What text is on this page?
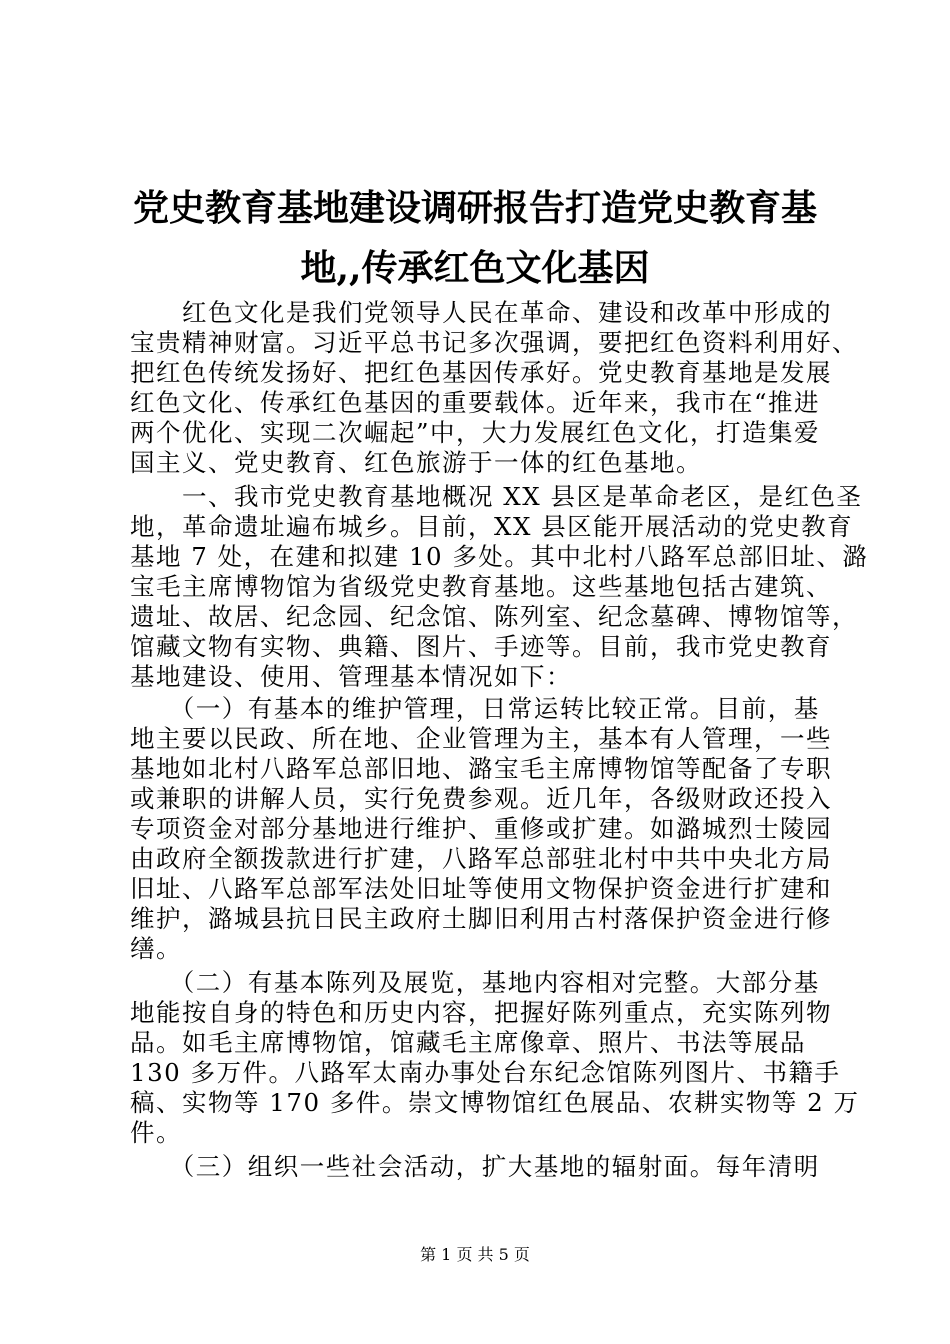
党史教育基地建设调研报告打造党史教育基
地,,传承红色文化基因
　　红色文化是我们党领导人民在革命、建设和改革中形成的
宝贵精神财富。习近平总书记多次强调，要把红色资料利用好、
把红色传统发扬好、把红色基因传承好。党史教育基地是发展
红色文化、传承红色基因的重要载体。近年来，我市在“推进
两个优化、实现二次崛起”中，大力发展红色文化，打造集爱
国主义、党史教育、红色旅游于一体的红色基地。
　　一、我市党史教育基地概况 XX 县区是革命老区，是红色圣
地，革命遗址遍布城乡。目前，XX 县区能开展活动的党史教育
基地 7 处，在建和拟建 10 多处。其中北村八路军总部旧址、潞
宝毛主席博物馆为省级党史教育基地。这些基地包括古建筑、
遗址、故居、纪念园、纪念馆、陈列室、纪念墓碑、博物馆等，
馆藏文物有实物、典籍、图片、手迹等。目前，我市党史教育
基地建设、使用、管理基本情况如下：
　　（一）有基本的维护管理，日常运转比较正常。目前，基
地主要以民政、所在地、企业管理为主，基本有人管理，一些
基地如北村八路军总部旧地、潞宝毛主席博物馆等配备了专职
或兼职的讲解人员，实行免费参观。近几年，各级财政还投入
专项资金对部分基地进行维护、重修或扩建。如潞城烈士陵园
由政府全额拨款进行扩建，八路军总部驻北村中共中央北方局
旧址、八路军总部军法处旧址等使用文物保护资金进行扩建和
维护，潞城县抗日民主政府土脚旧利用古村落保护资金进行修
缮。
　　（二）有基本陈列及展览，基地内容相对完整。大部分基
地能按自身的特色和历史内容，把握好陈列重点，充实陈列物
品。如毛主席博物馆，馆藏毛主席像章、照片、书法等展品
130 多万件。八路军太南办事处台东纪念馆陈列图片、书籍手
稿、实物等 170 多件。崇文博物馆红色展品、农耕实物等 2 万
件。
　　（三）组织一些社会活动，扩大基地的辐射面。每年清明
第 1 页 共 5 页
